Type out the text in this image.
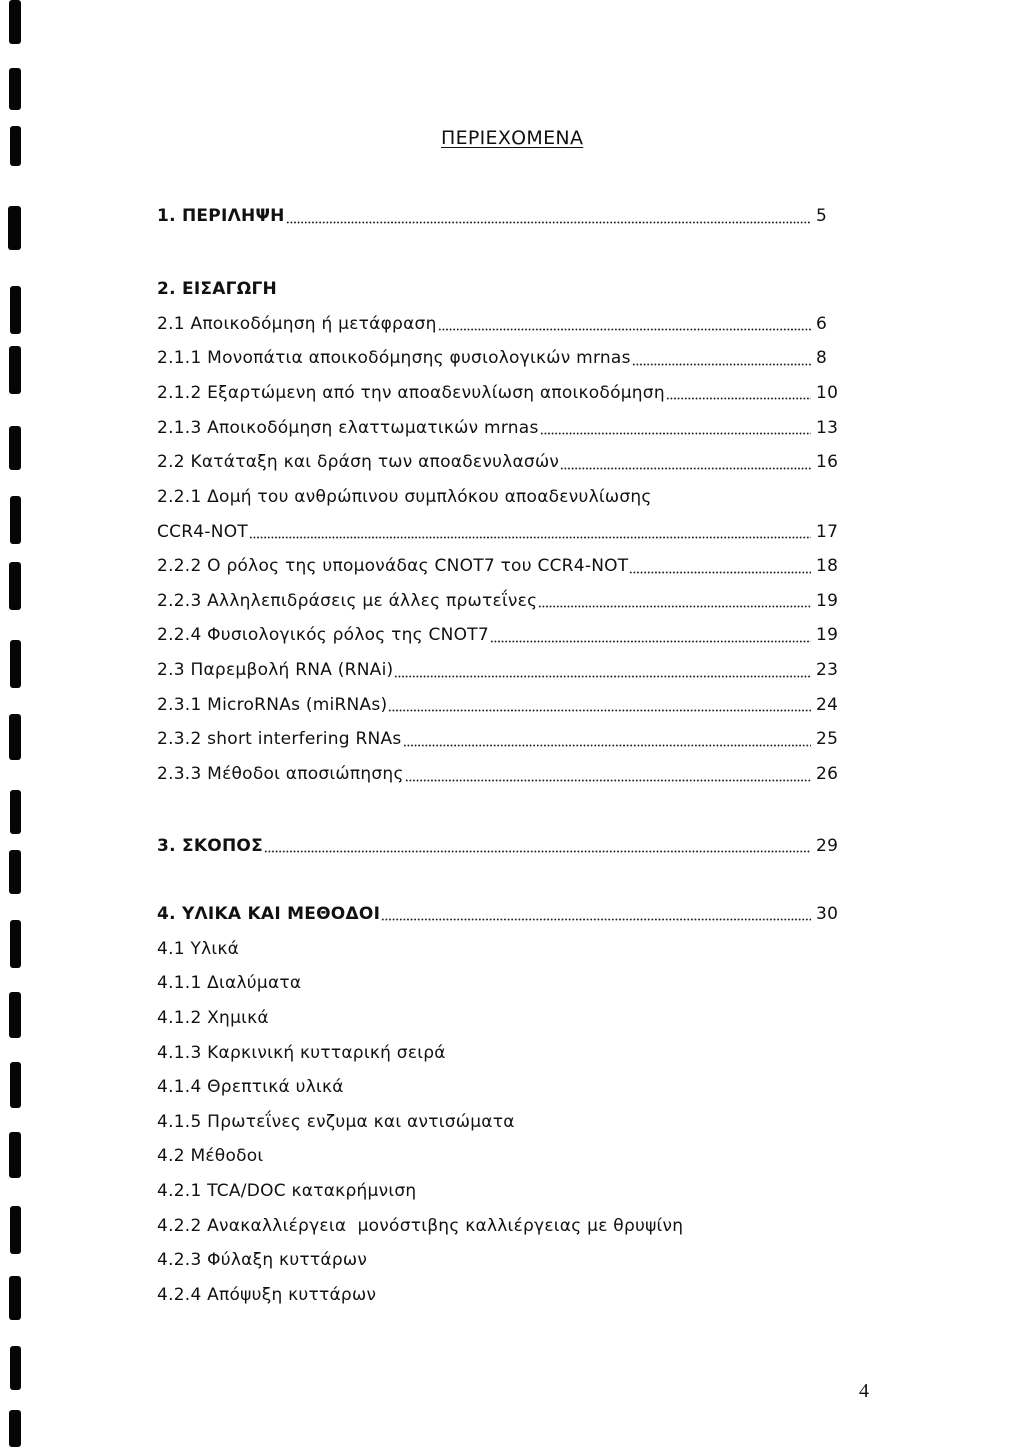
ΠΕΡΙΕΧΟΜΕΝΑ
1. ΠΕΡΙΛΗΨΗ	5
2. ΕΙΣΑΓΩΓΗ
2.1 Αποικοδόμηση ή μετάφραση	6
2.1.1 Μονοπάτια αποικοδόμησης φυσιολογικών mrnas	8
2.1.2 Εξαρτώμενη από την αποαδενυλίωση αποικοδόμηση	10
2.1.3 Αποικοδόμηση ελαττωματικών mrnas	13
2.2 Κατάταξη και δράση των αποαδενυλασών	16
2.2.1 Δομή του ανθρώπινου συμπλόκου αποαδενυλίωσης
CCR4-NOT	17
2.2.2 Ο ρόλος της υπομονάδας CNOT7 του CCR4-NOT	18
2.2.3 Αλληλεπιδράσεις με άλλες πρωτεΐνες	19
2.2.4 Φυσιολογικός ρόλος της CNOT7	19
2.3 Παρεμβολή RNA (RNAi)	23
2.3.1 MicroRNAs (miRNAs)	24
2.3.2 short interfering RNAs	25
2.3.3 Μέθοδοι αποσιώπησης	26
3. ΣΚΟΠΟΣ	29
4. ΥΛΙΚΑ ΚΑΙ ΜΕΘΟΔΟΙ	30
4.1 Υλικά
4.1.1 Διαλύματα
4.1.2 Χημικά
4.1.3 Καρκινική κυτταρική σειρά
4.1.4 Θρεπτικά υλικά
4.1.5 Πρωτεΐνες ενζυμα και αντισώματα
4.2 Μέθοδοι
4.2.1 TCA/DOC κατακρήμνιση
4.2.2 Ανακαλλιέργεια  μονόστιβης καλλιέργειας με θρυψίνη
4.2.3 Φύλαξη κυττάρων
4.2.4 Απόψυξη κυττάρων
4
